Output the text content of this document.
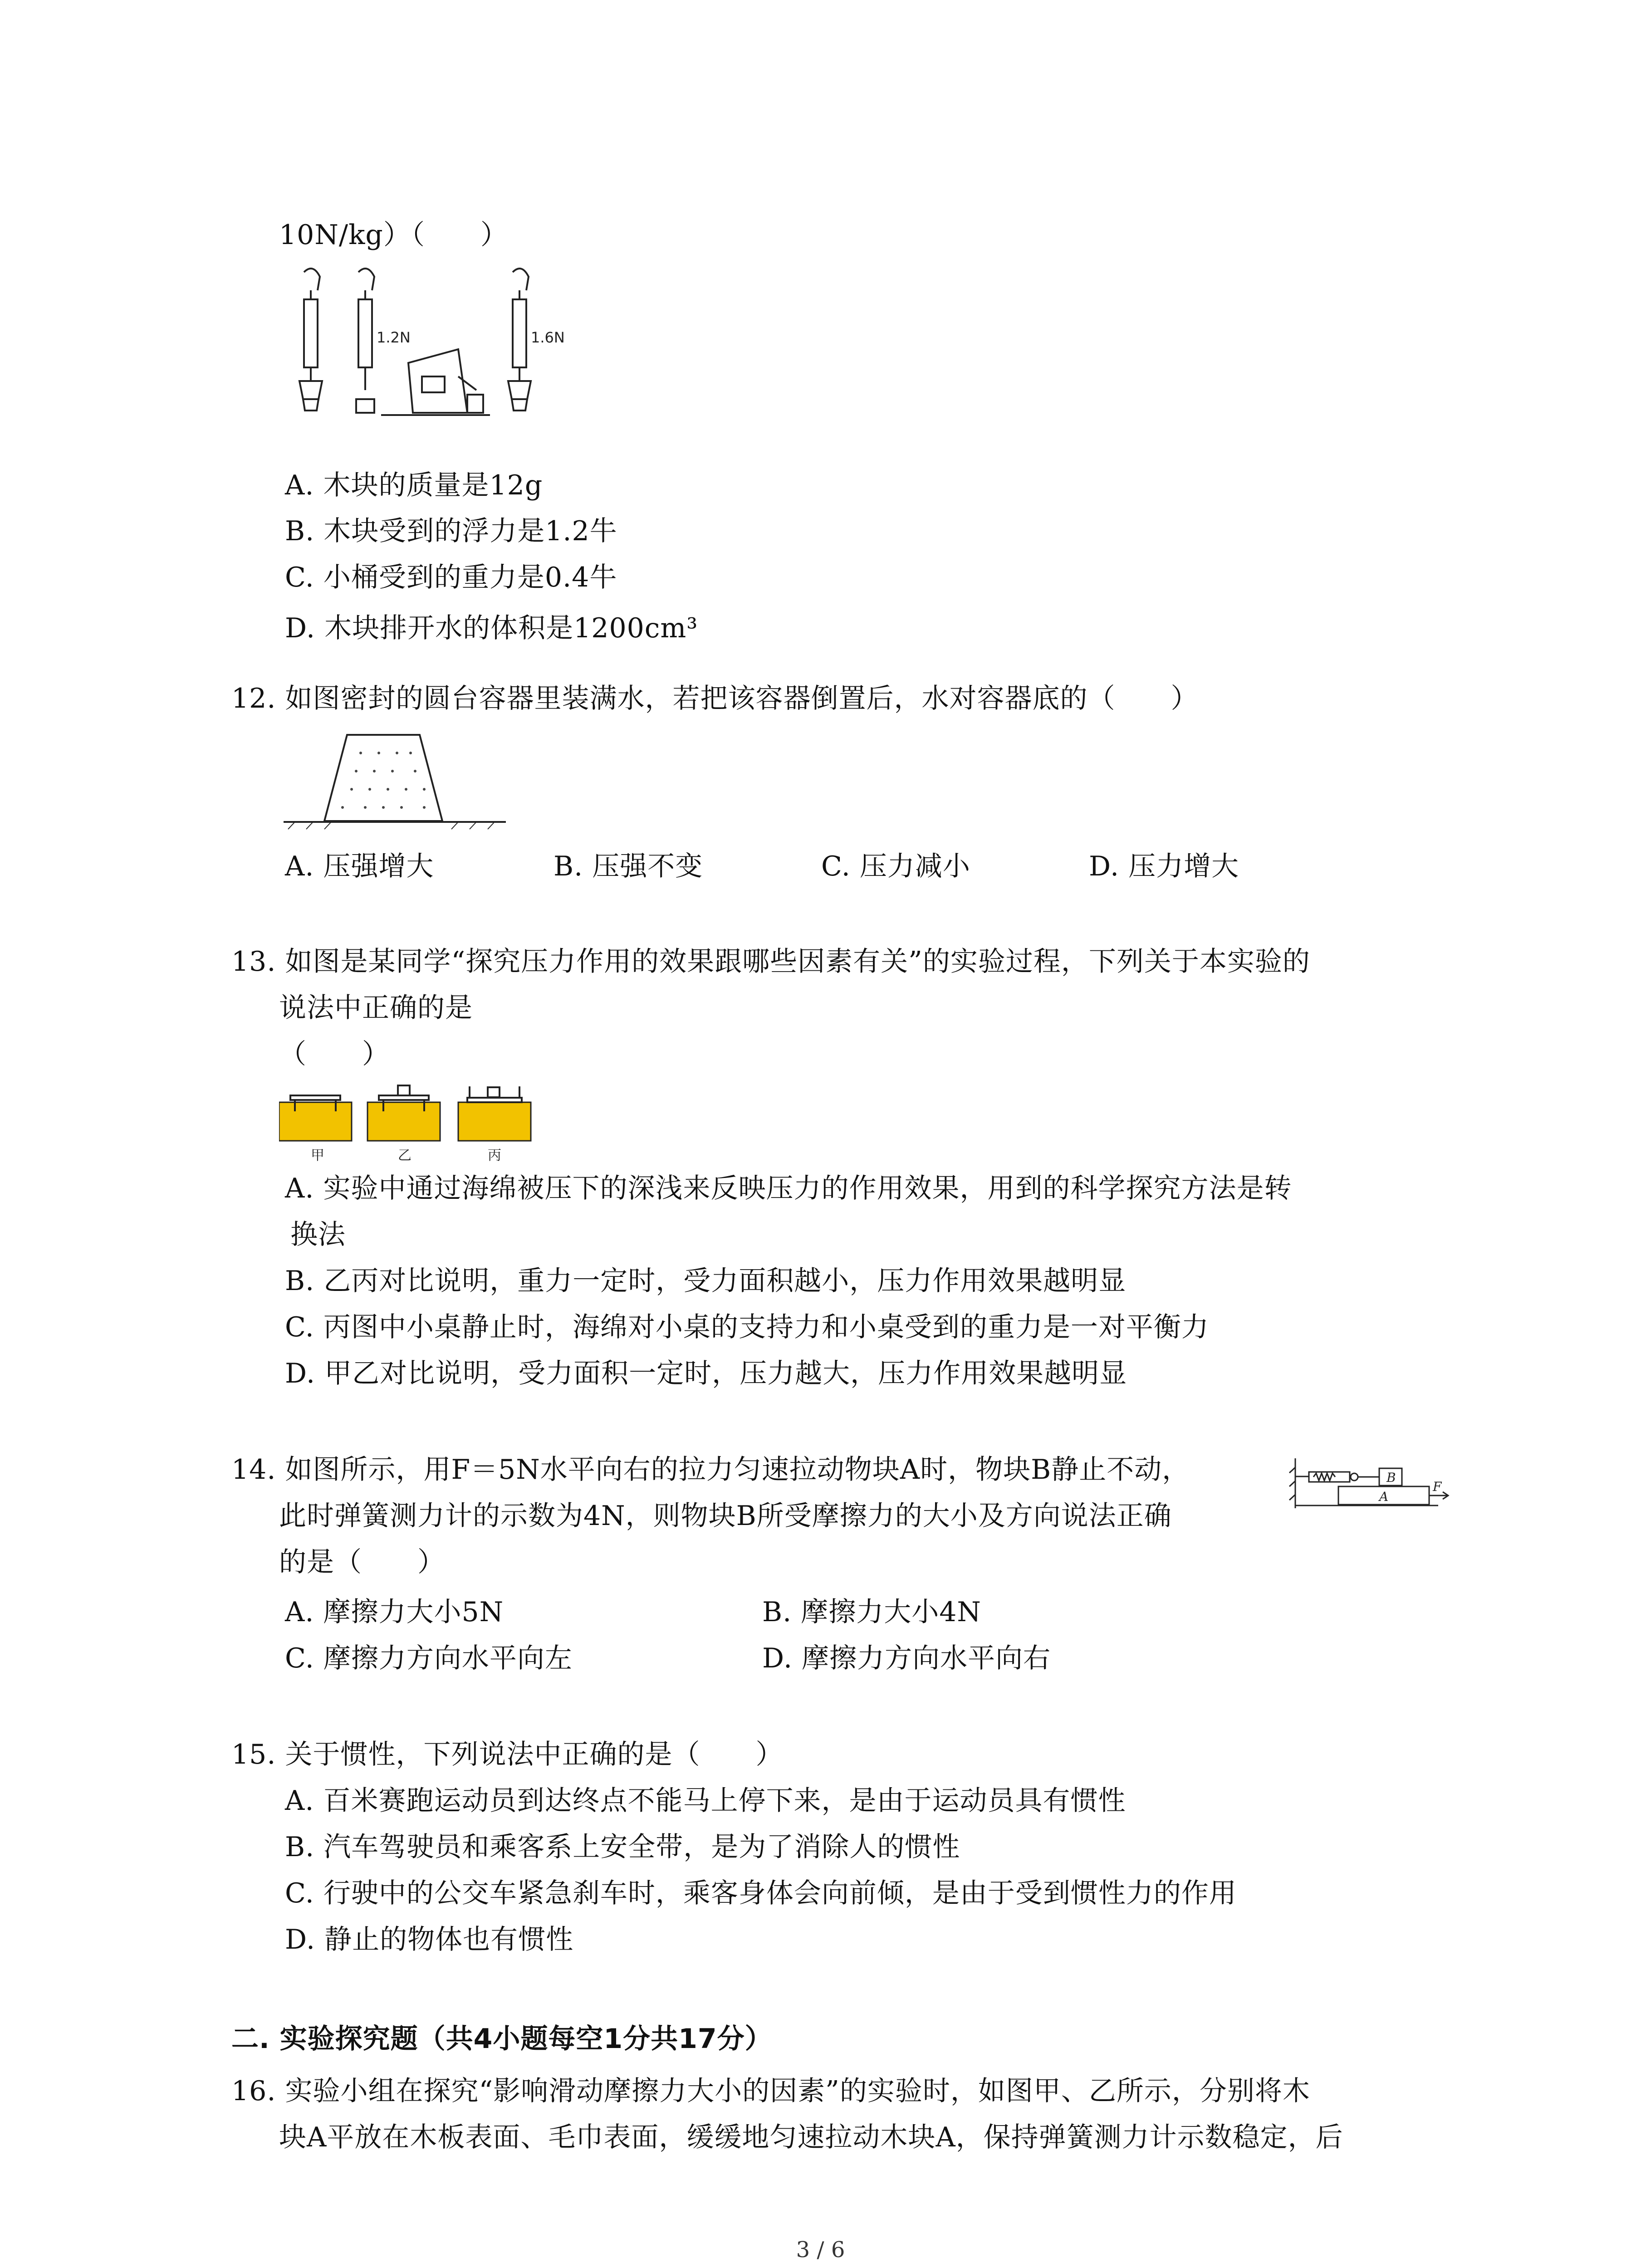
10N/kg）（　　）
1.2N	1.6N
A. 木块的质量是12g
B. 木块受到的浮力是1.2牛
C. 小桶受到的重力是0.4牛
D. 木块排开水的体积是1200cm³
12. 如图密封的圆台容器里装满水，若把该容器倒置后，水对容器底的（　　）
A. 压强增大	B. 压强不变	C. 压力减小	D. 压力增大
13. 如图是某同学“探究压力作用的效果跟哪些因素有关”的实验过程，下列关于本实验的
说法中正确的是
（　　）
甲	乙	丙
A. 实验中通过海绵被压下的深浅来反映压力的作用效果，用到的科学探究方法是转
换法
B. 乙丙对比说明，重力一定时，受力面积越小，压力作用效果越明显
C. 丙图中小桌静止时，海绵对小桌的支持力和小桌受到的重力是一对平衡力
D. 甲乙对比说明，受力面积一定时，压力越大，压力作用效果越明显
14. 如图所示，用F＝5N水平向右的拉力匀速拉动物块A时，物块B静止不动，
此时弹簧测力计的示数为4N，则物块B所受摩擦力的大小及方向说法正确
的是（　　）
B
A
F
A. 摩擦力大小5N	B. 摩擦力大小4N
C. 摩擦力方向水平向左	D. 摩擦力方向水平向右
15. 关于惯性，下列说法中正确的是（　　）
A. 百米赛跑运动员到达终点不能马上停下来，是由于运动员具有惯性
B. 汽车驾驶员和乘客系上安全带，是为了消除人的惯性
C. 行驶中的公交车紧急刹车时，乘客身体会向前倾，是由于受到惯性力的作用
D. 静止的物体也有惯性
二. 实验探究题（共4小题每空1分共17分）
16. 实验小组在探究“影响滑动摩擦力大小的因素”的实验时，如图甲、乙所示，分别将木
块A平放在木板表面、毛巾表面，缓缓地匀速拉动木块A，保持弹簧测力计示数稳定，后
3 / 6
